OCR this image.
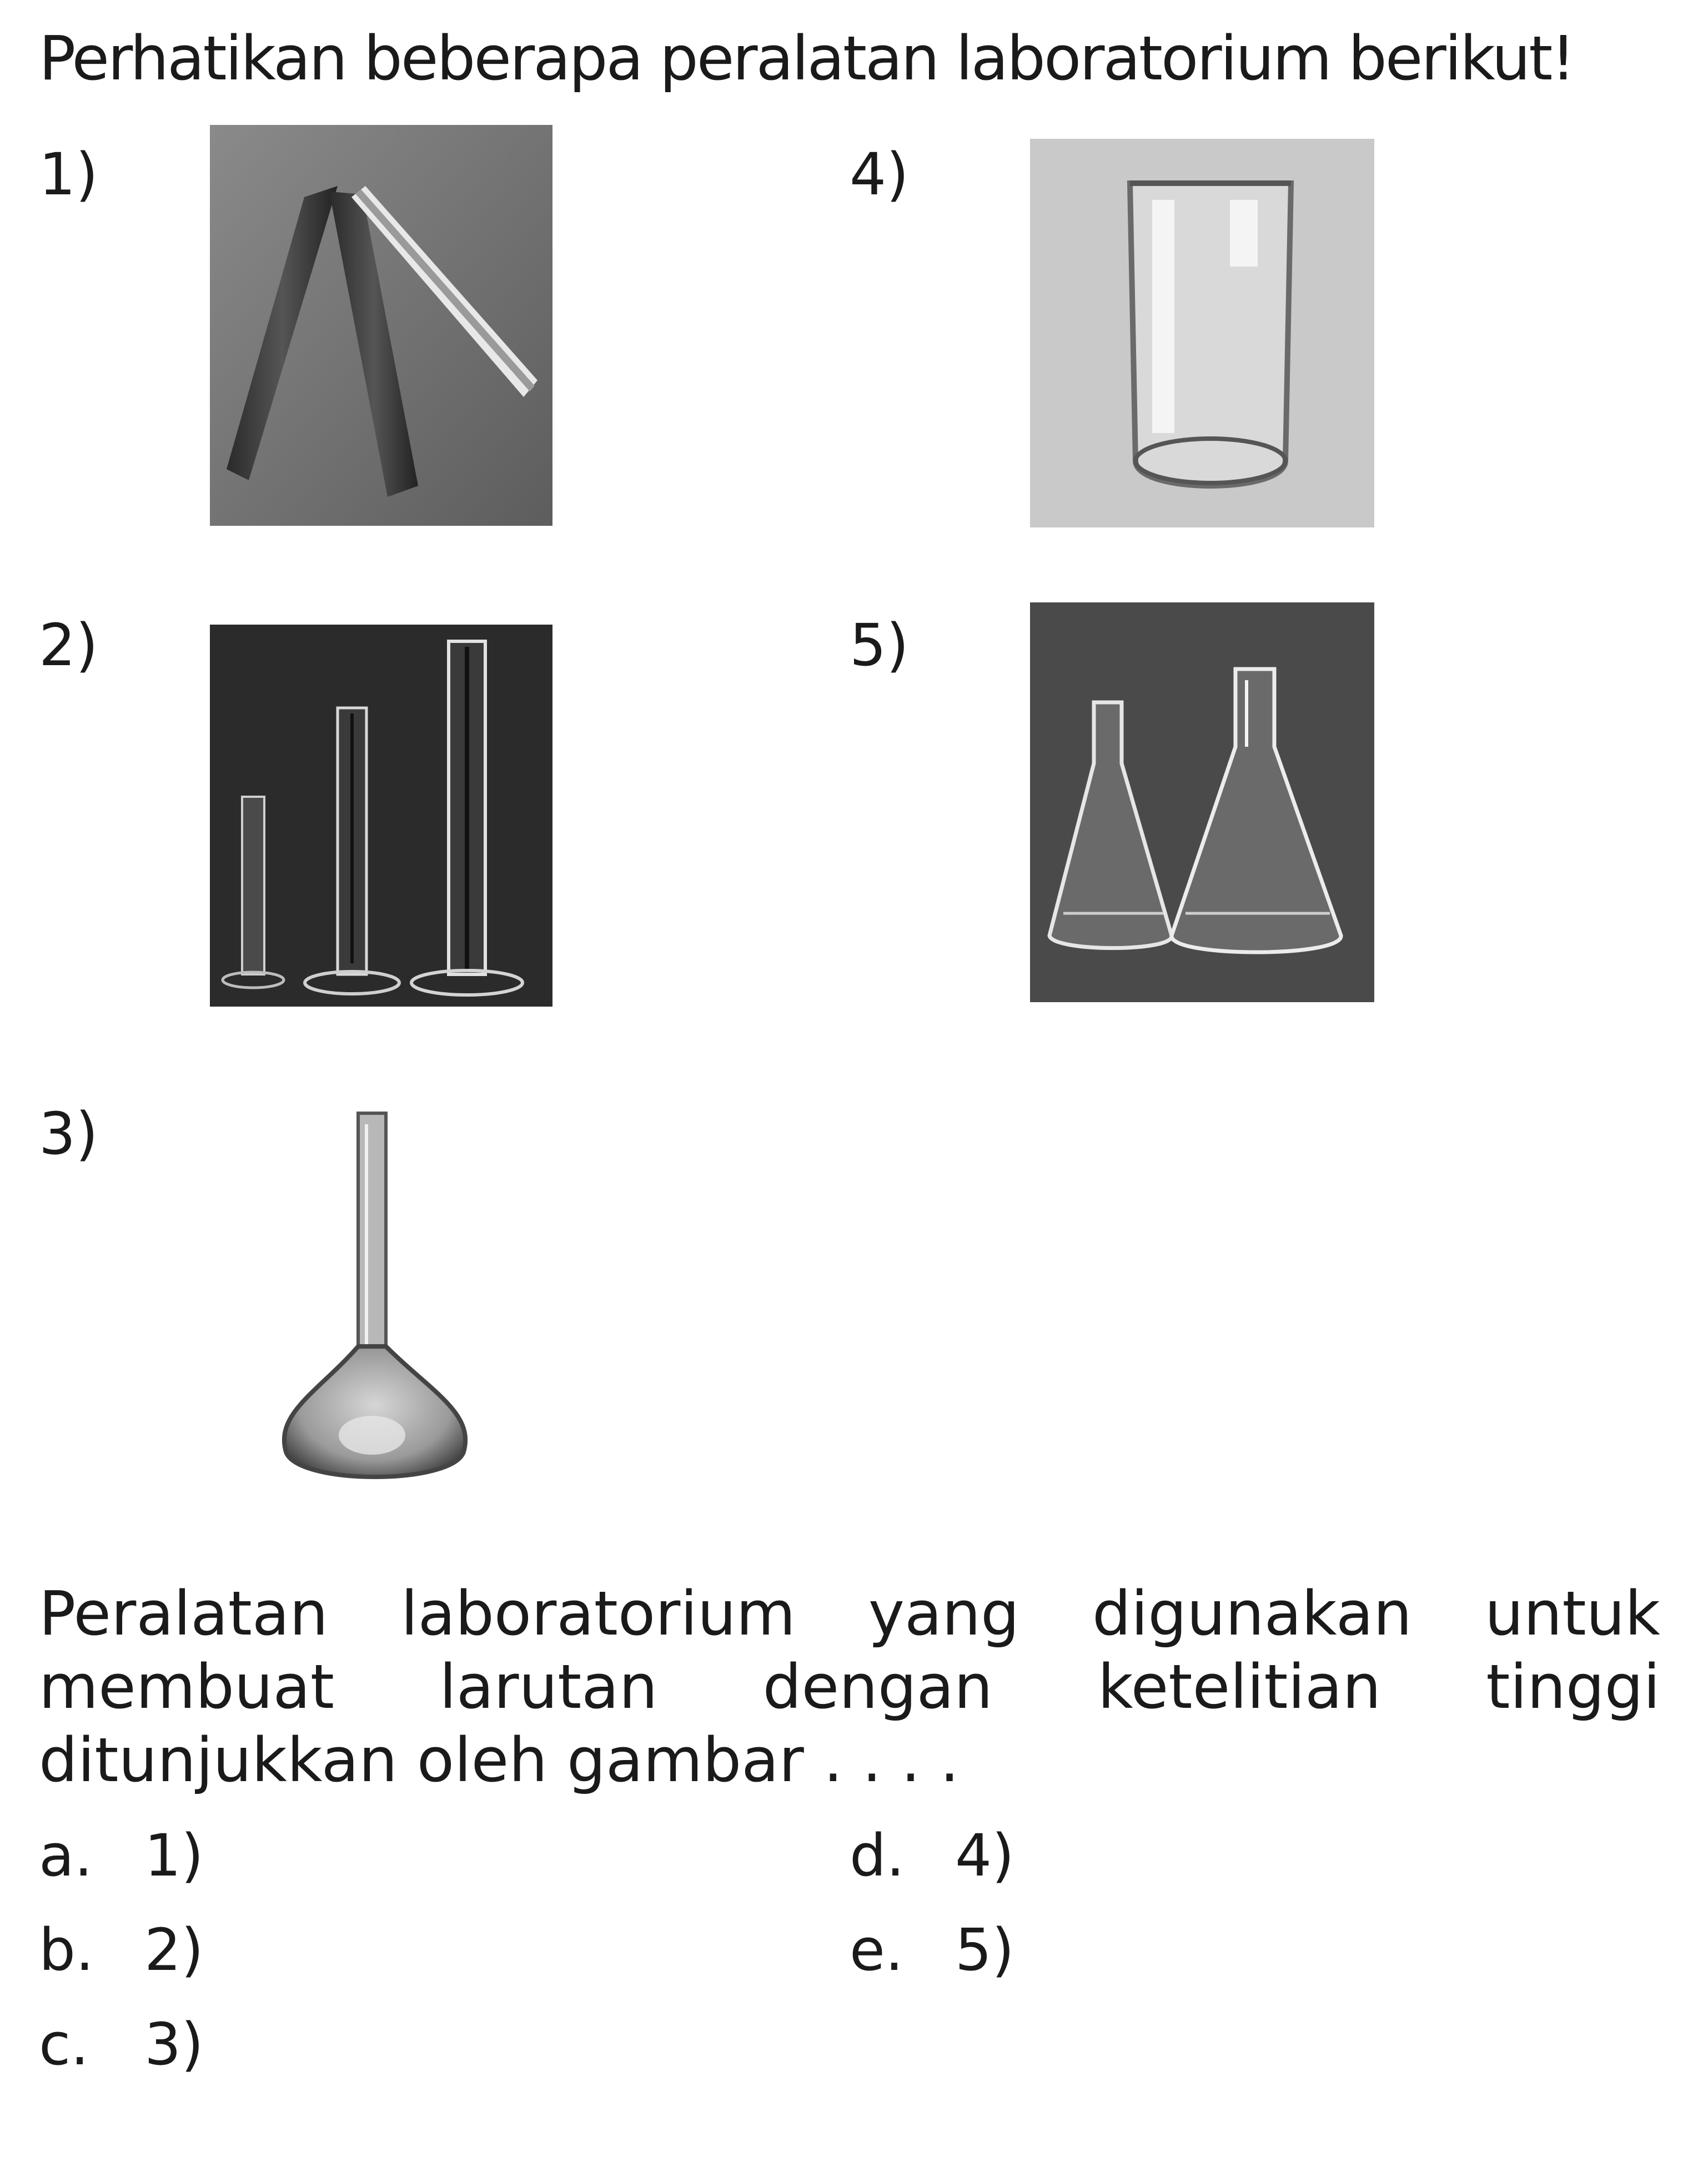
Perhatikan beberapa peralatan laboratorium berikut!
1)
2)
3)
4)
5)
Peralatan laboratorium yang digunakan untuk
membuat larutan dengan ketelitian tinggi
ditunjukkan oleh gambar . . . .
a. 1)
b. 2)
c. 3)
d. 4)
e. 5)
